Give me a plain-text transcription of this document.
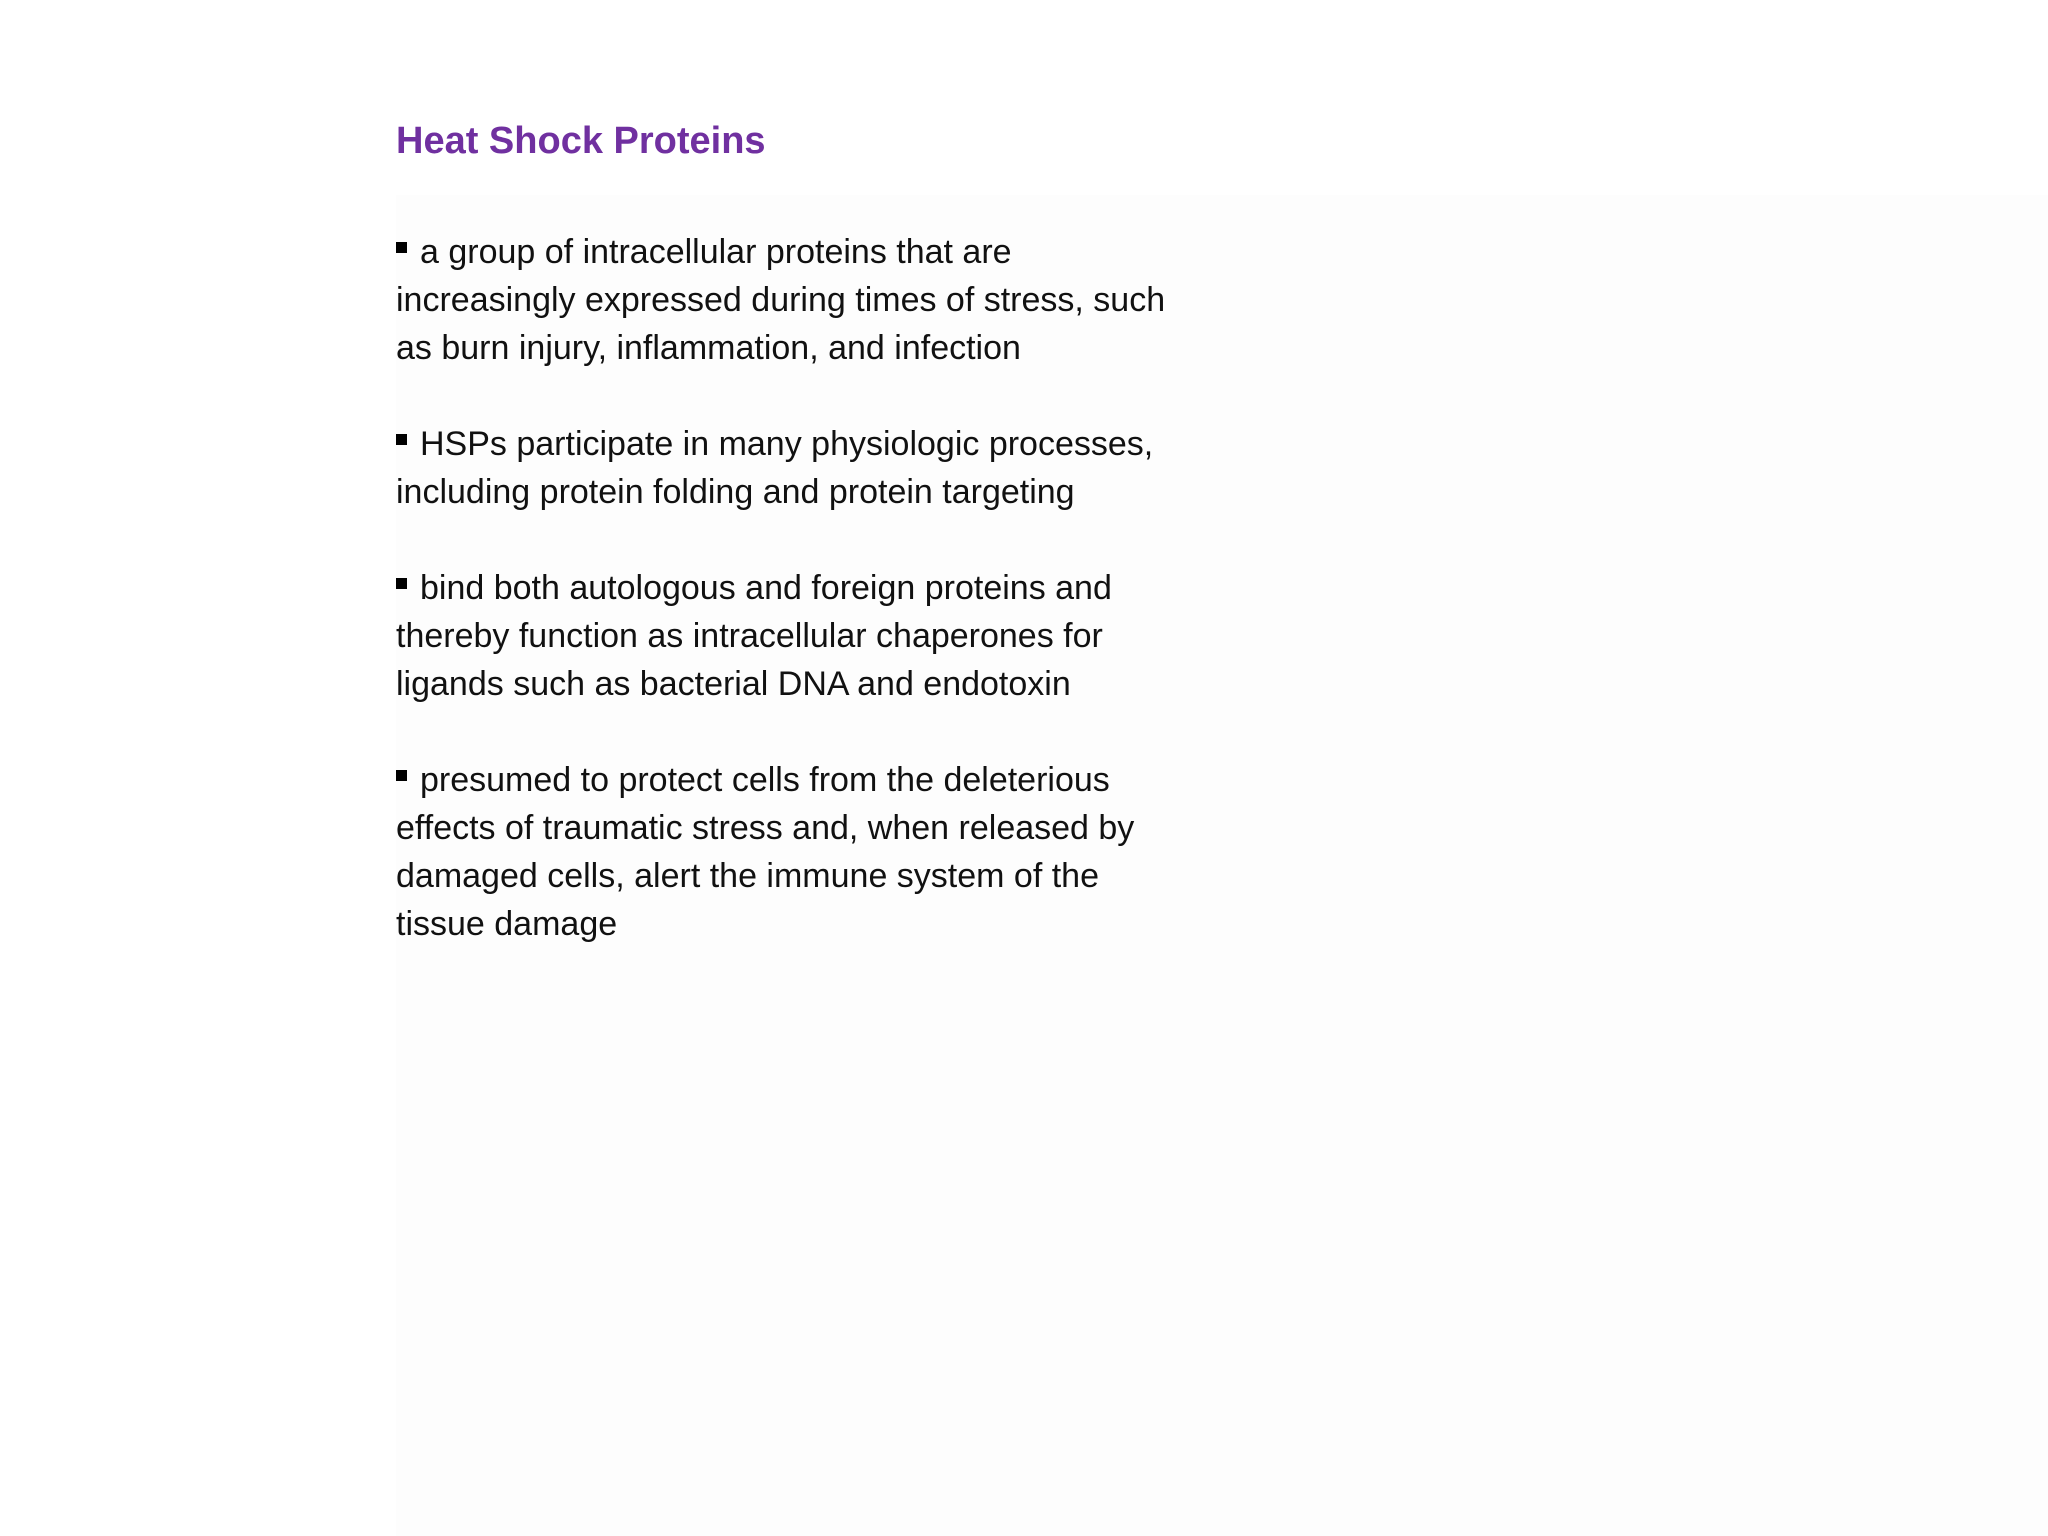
Heat Shock Proteins
a group of intracellular proteins that are increasingly expressed during times of stress, such as burn injury, inflammation, and infection
HSPs participate in many physiologic processes, including protein folding and protein targeting
bind both autologous and foreign proteins and thereby function as intracellular chaperones for ligands such as bacterial DNA and endotoxin
presumed to protect cells from the deleterious effects of traumatic stress and, when released by damaged cells, alert the immune system of the tissue damage
